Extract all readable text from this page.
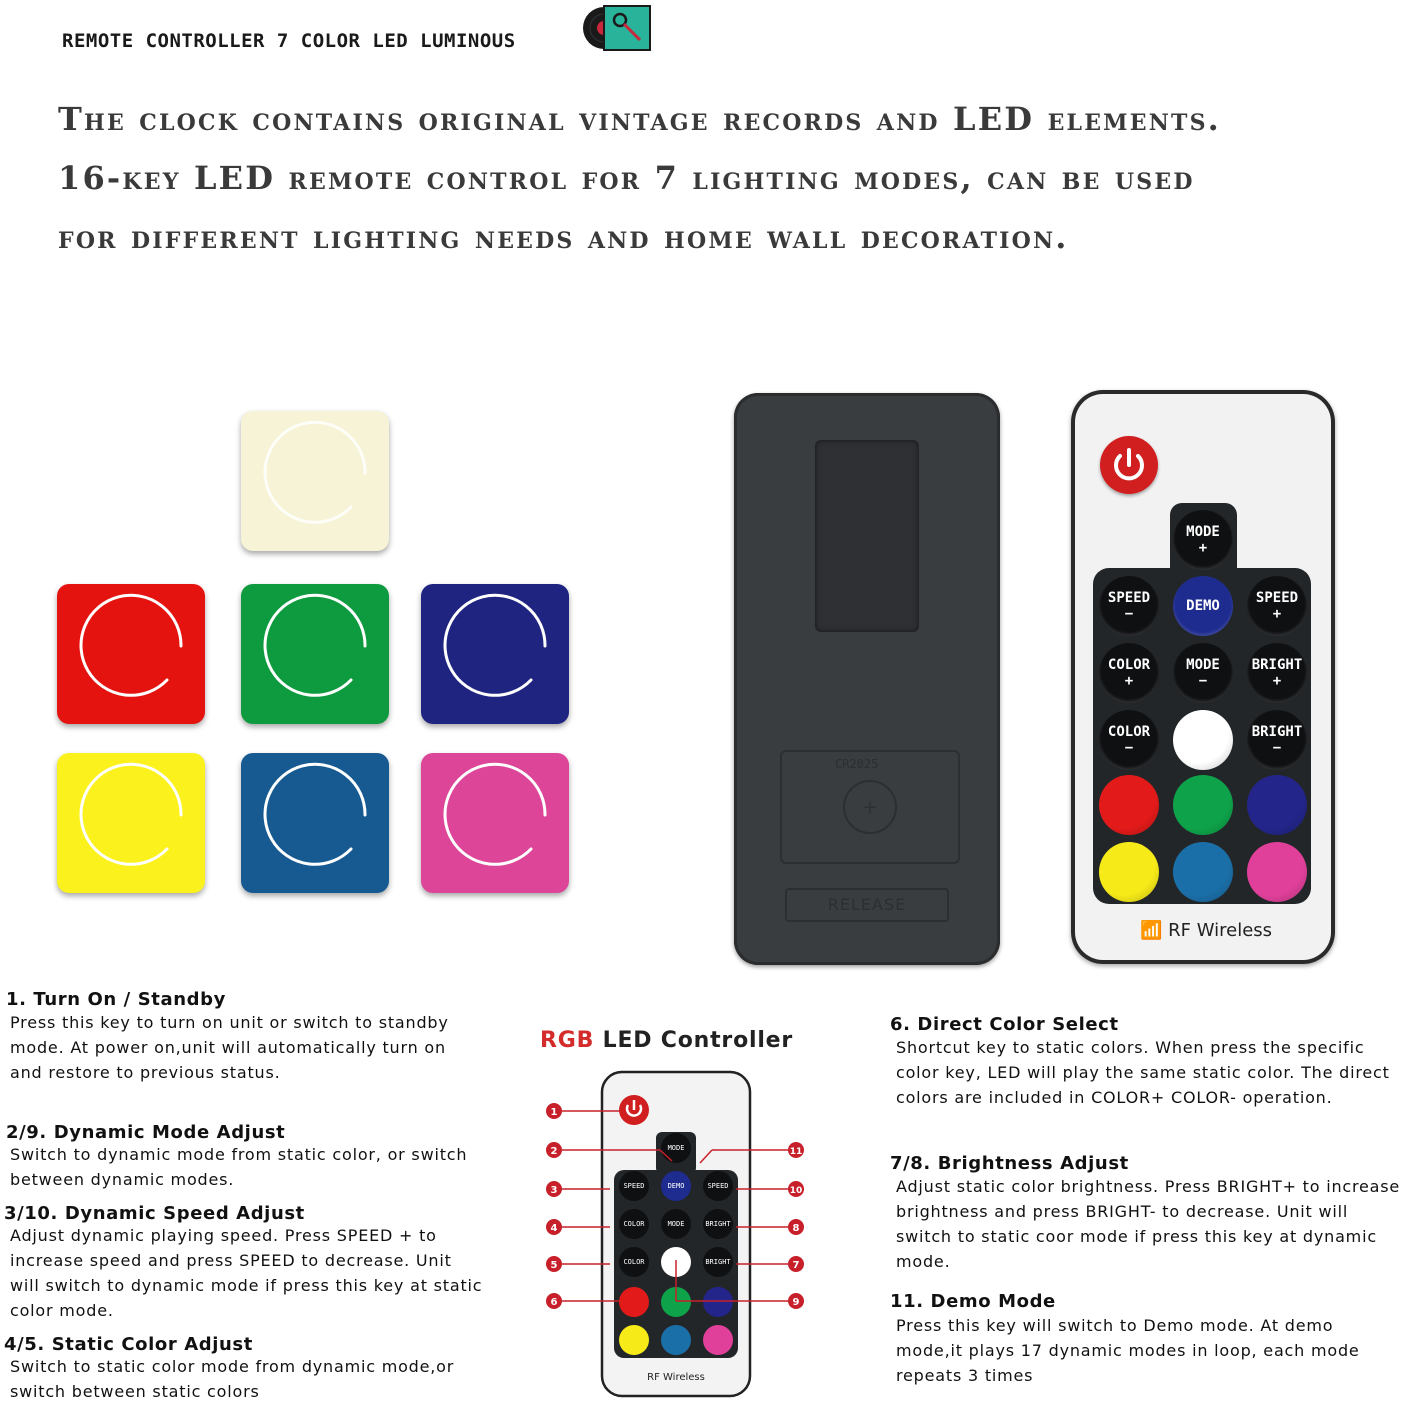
REMOTE CONTROLLER 7 COLOR LED LUMINOUS
The clock contains original vintage records and LED elements. 16-key LED remote control for 7 lighting modes, can be used for different lighting needs and home wall decoration.
+
CR2025
RELEASE
MODE
+
SPEED
−	DEMO	SPEED
+
COLOR
+
MODE
−
BRIGHT
+
COLOR
−
BRIGHT
−
📶 RF Wireless
1. Turn On / Standby
Press this key to turn on unit or switch to standby mode. At power on,unit will automatically turn on and restore to previous status.
2/9. Dynamic Mode Adjust
Switch to dynamic mode from static color, or switch between dynamic modes.
3/10. Dynamic Speed Adjust
Adjust dynamic playing speed. Press SPEED + to increase speed and press SPEED to decrease. Unit will switch to dynamic mode if press this key at static color mode.
4/5. Static Color Adjust
Switch to static color mode from dynamic mode,or switch between static colors
RGB LED Controller
MODE
SPEED	DEMO	SPEED
COLOR	MODE	BRIGHT
COLOR	BRIGHT
RF Wireless
1
2
3
4
5
6
11
10
8
7
9
6. Direct Color Select
Shortcut key to static colors. When press the specific color key, LED will play the same static color. The direct colors are included in COLOR+ COLOR- operation.
7/8. Brightness Adjust
Adjust static color brightness. Press BRIGHT+ to increase brightness and press BRIGHT- to decrease. Unit will switch to static coor mode if press this key at dynamic mode.
11. Demo Mode
Press this key will switch to Demo mode. At demo mode,it plays 17 dynamic modes in loop, each mode repeats 3 times
